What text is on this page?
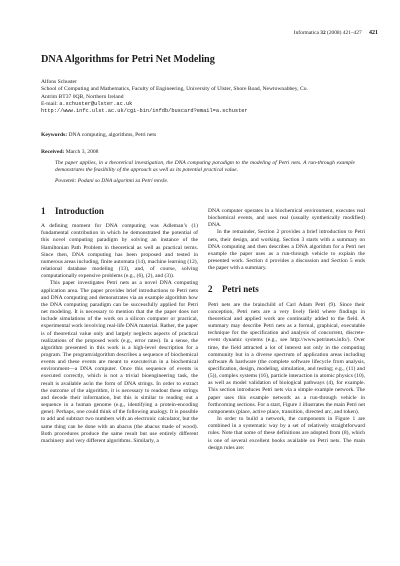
Informatica 32 (2008) 421–427 421
DNA Algorithms for Petri Net Modeling
Alfons Schuster
School of Computing and Mathematics, Faculty of Engineering, University of Ulster, Shore Road, Newtownabbey, Co.
Antrim BT37 0QB, Northern Ireland
E-mail: a.schuster@ulster.ac.uk
http://www.infc.ulst.ac.uk/cgi-bin/infdb/buscard?email=a.schuster
Keywords: DNA computing, algorithms, Petri nets
Received: March 3, 2008

The paper applies, in a theoretical investigation, the DNA computing paradigm to the modeling of Petri nets. A run-through example demonstrates the feasibility of the approach as well as its potential practical value.

Povzetek: Podani so DNA algoritmi za Petri mreže.

1 Introduction

A defining moment for DNA computing was Adleman’s (1) fundamental contribution in which he demonstrated the potential of this novel computing paradigm by solving an instance of the Hamiltonian Path Problem in theoretical as well as practical terms. Since then, DNA computing has been proposed and tested in numerous areas including, finite automata (14), machine learning (12), relational database modeling (13), and, of course, solving computationally expensive problems (e.g., (6), (2), and (3)).

This paper investigates Petri nets as a novel DNA computing application area. The paper provides brief introductions to Petri nets and DNA computing and demonstrates via an example algorithm how the DNA computing paradigm can be successfully applied for Petri net modeling. It is necessary to mention that the the paper does not include simulations of the work on a silicon computer or practical, experimental work involving real-life DNA material. Rather, the paper is of theoretical value only and largely neglects aspects of practical realizations of the proposed work (e.g., error rates). In a sense, the algorithm presented in this work is a high-level description for a program. The program/algorithm describes a sequence of biochemical events and these events are meant to execute/run in a biochemical environment—a DNA computer. Once this sequence of events is executed correctly, which is not a trivial bioengineering task, the result is available as/in the form of DNA strings. In order to extract the outcome of the algorithm, it is necessary to readout these strings and decode their information, but this is similar to reading out a sequence in a human genome (e.g., identifying a protein-encoding gene). Perhaps, one could think of the following analogy. It is possible to add and subtract two numbers with an electronic calculator, but the same thing can be done with an abacus (the abacus made of wood). Both procedures produce the same result but use entirely different machinery and very different algorithms. Similarly, a

DNA computer operates in a biochemical environment, executes real biochemical events, and uses real (usually synthetically modified) DNA.

In the remainder, Section 2 provides a brief introduction to Petri nets, their design, and working. Section 3 starts with a summary on DNA computing and then describes a DNA algorithm for a Petri net example the paper uses as a run-through vehicle to explain the presented work. Section 4 provides a discussion and Section 5 ends the paper with a summary.

2 Petri nets

Petri nets are the brainchild of Carl Adam Petri (9). Since their conception, Petri nets are a very lively field where findings in theoretical and applied work are continually added to the field. A summary may describe Petri nets as a formal, graphical, executable technique for the specification and analysis of concurrent, discrete-event dynamic systems (e.g., see http://www.petrinets.info/). Over time, the field attracted a lot of interest not only in the computing community but in a diverse spectrum of application areas including software & hardware (the complete software lifecycle from analysis, specification, design, modeling, simulation, and testing; e.g., (11) and (5)), complex systems (16), particle interaction in atomic physics (10), as well as model validation of biological pathways (4), for example. This section introduces Petri nets via a simple example network. The paper uses this example network as a run-through vehicle in forthcoming sections. For a start, Figure 1 illustrates the main Petri net components (place, active place, transition, directed arc, and token).

In order to build a network, the components in Figure 1 are combined in a systematic way by a set of relatively straightforward rules. Note that some of these definitions are adopted from (8), which is one of several excellent books available on Petri nets. The main design rules are:
